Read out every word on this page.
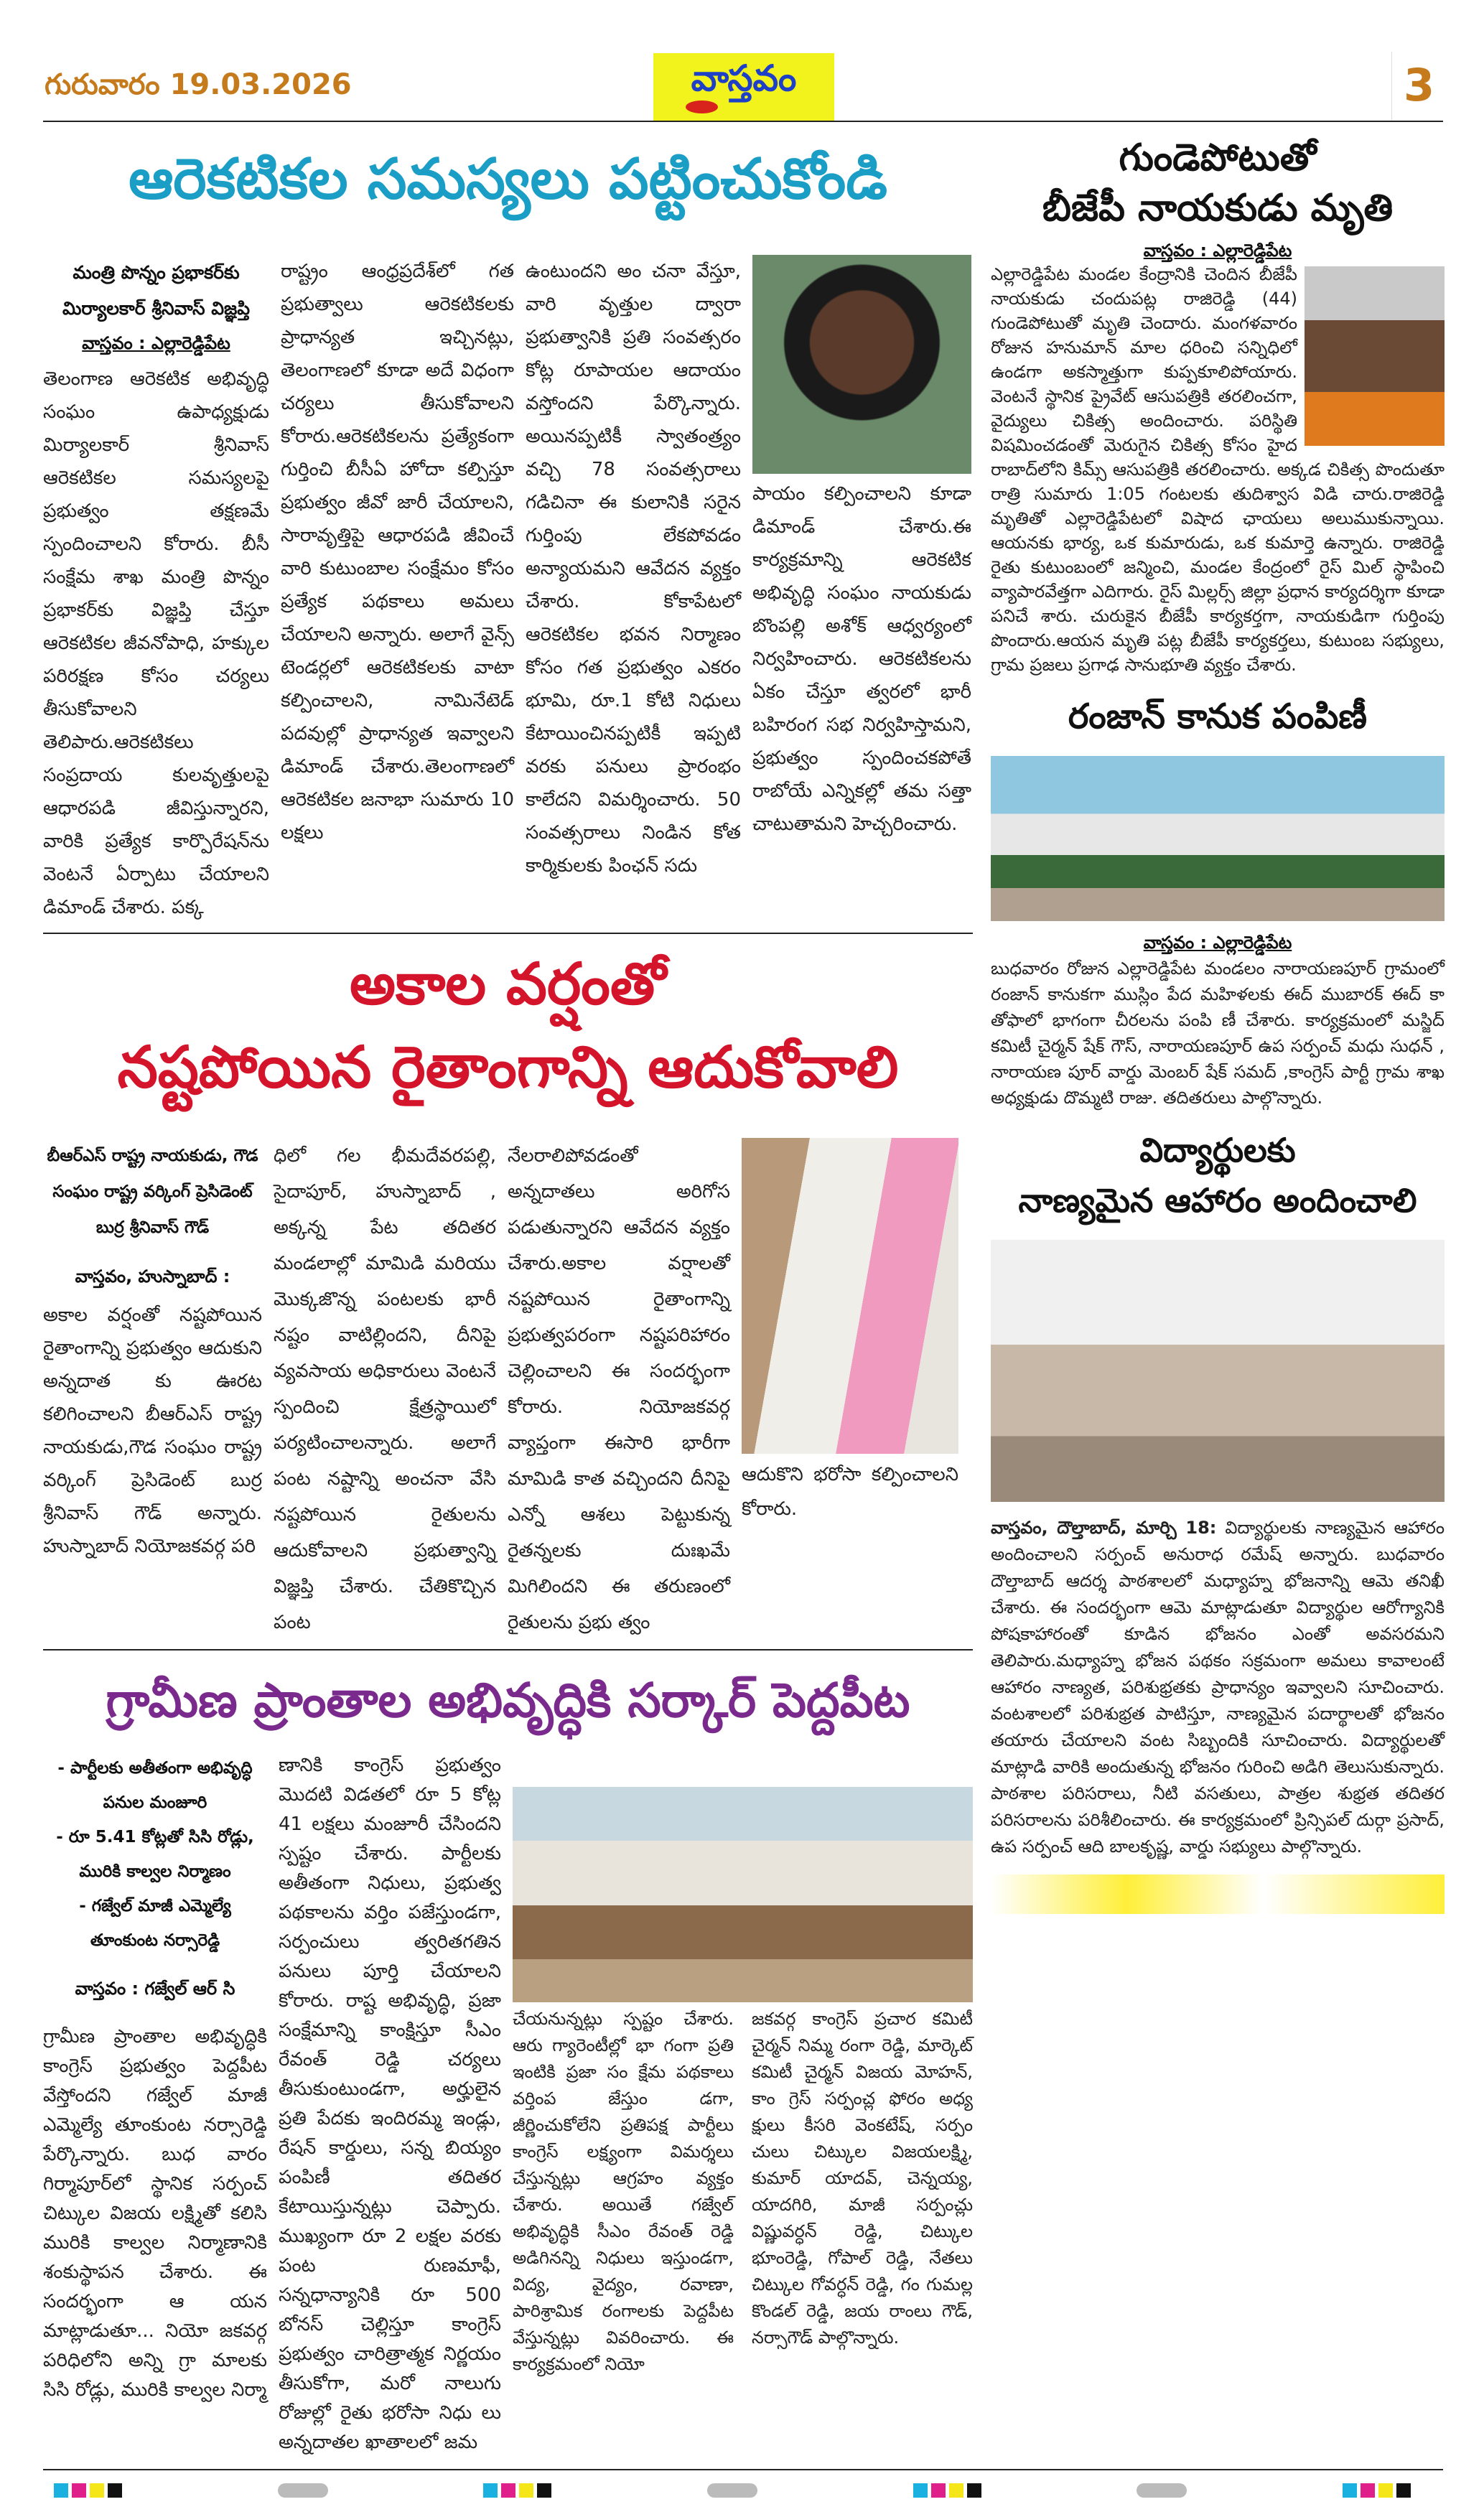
గురువారం 19.03.2026	వాస్తవం	3
ఆరెకటికల సమస్యలు పట్టించుకోండి
మంత్రి పొన్నం ప్రభాకర్‌కు మిర్యాలకార్ శ్రీనివాస్ విజ్ఞప్తి
వాస్తవం : ఎల్లారెడ్డిపేట
తెలంగాణ ఆరెకటిక అభివృద్ధి సంఘం ఉపాధ్యక్షుడు మిర్యాలకార్ శ్రీనివాస్ ఆరెకటికల సమస్యలపై ప్రభుత్వం తక్షణమే స్పందించాలని కోరారు. బీసీ సంక్షేమ శాఖ మంత్రి పొన్నం ప్రభాకర్‌కు విజ్ఞప్తి చేస్తూ ఆరెకటికల జీవనోపాధి, హక్కుల పరిరక్షణ కోసం చర్యలు తీసుకోవాలని తెలిపారు.ఆరెకటికలు సంప్రదాయ కులవృత్తులపై ఆధారపడి జీవిస్తున్నారని, వారికి ప్రత్యేక కార్పొరేషన్‌ను వెంటనే ఏర్పాటు చేయాలని డిమాండ్ చేశారు. పక్క
రాష్ట్రం ఆంధ్రప్రదేశ్‌లో గత ప్రభుత్వాలు ఆరెకటికలకు ప్రాధాన్యత ఇచ్చినట్లు, తెలంగాణలో కూడా అదే విధంగా చర్యలు తీసుకోవాలని కోరారు.ఆరెకటికలను ప్రత్యేకంగా గుర్తించి బీసీఏ హోదా కల్పిస్తూ ప్రభుత్వం జీవో జారీ చేయాలని, సారావృత్తిపై ఆధారపడి జీవించే వారి కుటుంబాల సంక్షేమం కోసం ప్రత్యేక పథకాలు అమలు చేయాలని అన్నారు. అలాగే వైన్స్ టెండర్లలో ఆరెకటికలకు వాటా కల్పించాలని, నామినేటెడ్ పదవుల్లో ప్రాధాన్యత ఇవ్వాలని డిమాండ్ చేశారు.తెలంగాణలో ఆరెకటికల జనాభా సుమారు 10 లక్షలు
ఉంటుందని అం చనా వేస్తూ, వారి వృత్తుల ద్వారా ప్రభుత్వానికి ప్రతి సంవత్సరం కోట్ల రూపాయల ఆదాయం వస్తోందని పేర్కొన్నారు. అయినప్పటికీ స్వాతంత్ర్యం వచ్చి 78 సంవత్సరాలు గడిచినా ఈ కులానికి సరైన గుర్తింపు లేకపోవడం అన్యాయమని ఆవేదన వ్యక్తం చేశారు. కోకాపేటలో ఆరెకటికల భవన నిర్మాణం కోసం గత ప్రభుత్వం ఎకరం భూమి, రూ.1 కోటి నిధులు కేటాయించినప్పటికీ ఇప్పటి వరకు పనులు ప్రారంభం కాలేదని విమర్శించారు. 50 సంవత్సరాలు నిండిన కోత కార్మికులకు పింఛన్ సదు
పాయం కల్పించాలని కూడా డిమాండ్ చేశారు.ఈ కార్యక్రమాన్ని ఆరెకటిక అభివృద్ధి సంఘం నాయకుడు బొంపల్లి అశోక్ ఆధ్వర్యంలో నిర్వహించారు. ఆరెకటికలను ఏకం చేస్తూ త్వరలో భారీ బహిరంగ సభ నిర్వహిస్తామని, ప్రభుత్వం స్పందించకపోతే రాబోయే ఎన్నికల్లో తమ సత్తా చాటుతామని హెచ్చరించారు.
అకాల వర్షంతో
నష్టపోయిన రైతాంగాన్ని ఆదుకోవాలి
బీఆర్ఎస్ రాష్ట్ర నాయకుడు, గౌడ సంఘం రాష్ట్ర వర్కింగ్ ప్రెసిడెంట్ బుర్ర శ్రీనివాస్ గౌడ్
వాస్తవం, హుస్నాబాద్ :
అకాల వర్షంతో నష్టపోయిన రైతాంగాన్ని ప్రభుత్వం ఆదుకుని అన్నదాత కు ఊరట కలిగించాలని బీఆర్ఎస్ రాష్ట్ర నాయకుడు,గౌడ సంఘం రాష్ట్ర వర్కింగ్ ప్రెసిడెంట్ బుర్ర శ్రీనివాస్ గౌడ్ అన్నారు. హుస్నాబాద్ నియోజకవర్గ పరి
ధిలో గల భీమదేవరపల్లి, సైదాపూర్, హుస్నాబాద్ , అక్కన్న పేట తదితర మండలాల్లో మామిడి మరియు మొక్కజొన్న పంటలకు భారీ నష్టం వాటిల్లిందని, దీనిపై వ్యవసాయ అధికారులు వెంటనే స్పందించి క్షేత్రస్థాయిలో పర్యటించాలన్నారు. అలాగే పంట నష్టాన్ని అంచనా వేసి నష్టపోయిన రైతులను ఆదుకోవాలని ప్రభుత్వాన్ని విజ్ఞప్తి చేశారు. చేతికొచ్చిన పంట
నేలరాలిపోవడంతో అన్నదాతలు అరిగోస పడుతున్నారని ఆవేదన వ్యక్తం చేశారు.అకాల వర్షాలతో నష్టపోయిన రైతాంగాన్ని ప్రభుత్వపరంగా నష్టపరిహారం చెల్లించాలని ఈ సందర్భంగా కోరారు. నియోజకవర్గ వ్యాప్తంగా ఈసారి భారీగా మామిడి కాత వచ్చిందని దీనిపై ఎన్నో ఆశలు పెట్టుకున్న రైతన్నలకు దుఃఖమే మిగిలిందని ఈ తరుణంలో రైతులను ప్రభు త్వం
ఆదుకొని భరోసా కల్పించాలని కోరారు.
గ్రామీణ ప్రాంతాల అభివృద్ధికి సర్కార్ పెద్దపీట
- పార్టీలకు అతీతంగా అభివృద్ధి పనుల మంజూరి
- రూ 5.41 కోట్లతో సిసి రోడ్లు, మురికి కాల్వల నిర్మాణం
- గజ్వేల్ మాజీ ఎమ్మెల్యే తూంకుంట నర్సారెడ్డి
వాస్తవం : గజ్వేల్ ఆర్ సి
గ్రామీణ ప్రాంతాల అభివృద్ధికి కాంగ్రెస్ ప్రభుత్వం పెద్దపీట వేస్తోందని గజ్వేల్ మాజీ ఎమ్మెల్యే తూంకుంట నర్సారెడ్డి పేర్కొన్నారు. బుధ వారం గిర్మాపూర్‌లో స్థానిక సర్పంచ్ చిట్కుల విజయ లక్ష్మితో కలిసి మురికి కాల్వల నిర్మాణానికి శంకుస్థాపన చేశారు. ఈ సందర్భంగా ఆ యన మాట్లాడుతూ... నియో జకవర్గ పరిధిలోని అన్ని గ్రా మాలకు సిసి రోడ్లు, మురికి కాల్వల నిర్మా
ణానికి కాంగ్రెస్ ప్రభుత్వం మొదటి విడతలో రూ 5 కోట్ల 41 లక్షలు మంజూరీ చేసిందని స్పష్టం చేశారు. పార్టీలకు అతీతంగా నిధులు, ప్రభుత్వ పథకాలను వర్తిం పజేస్తుండగా, సర్పంచులు త్వరితగతిన పనులు పూర్తి చేయాలని కోరారు. రాష్ట అభివృద్ధి, ప్రజా సంక్షేమాన్ని కాంక్షిస్తూ సీఎం రేవంత్ రెడ్డి చర్యలు తీసుకుంటుండగా, అర్హులైన ప్రతి పేదకు ఇందిరమ్మ ఇండ్లు, రేషన్ కార్డులు, సన్న బియ్యం పంపిణీ తదితర కేటాయిస్తున్నట్లు చెప్పారు. ముఖ్యంగా రూ 2 లక్షల వరకు పంట రుణమాఫీ, సన్నధాన్యానికి రూ 500 బోనస్ చెల్లిస్తూ కాంగ్రెస్ ప్రభుత్వం చారిత్రాత్మక నిర్ణయం తీసుకోగా, మరో నాలుగు రోజుల్లో రైతు భరోసా నిధు లు అన్నదాతల ఖాతాలలో జమ
చేయనున్నట్లు స్పష్టం చేశారు. ఆరు గ్యారెంటీల్లో భా గంగా ప్రతి ఇంటికి ప్రజా సం క్షేమ పథకాలు వర్తింప జేస్తుం డగా, జీర్ణించుకోలేని ప్రతిపక్ష పార్టీలు కాంగ్రెస్ లక్ష్యంగా విమర్శలు చేస్తున్నట్లు ఆగ్రహం వ్యక్తం చేశారు. అయితే గజ్వేల్ అభివృద్ధికి సీఎం రేవంత్ రెడ్డి అడిగినన్ని నిధులు ఇస్తుండగా, విద్య, వైద్యం, రవాణా, పారిశ్రామిక రంగాలకు పెద్దపీట వేస్తున్నట్లు వివరించారు. ఈ కార్యక్రమంలో నియో
జకవర్గ కాంగ్రెస్ ప్రచార కమిటీ చైర్మన్ నిమ్మ రంగా రెడ్డి, మార్కెట్ కమిటీ చైర్మన్ విజయ మోహన్, కాం గ్రెస్ సర్పంచ్ల ఫోరం అధ్య క్షులు కీసరి వెంకటేష్, సర్పం చులు చిట్కుల విజయలక్ష్మి, కుమార్ యాదవ్, చెన్నయ్య, యాదగిరి, మాజీ సర్పంచ్లు విష్ణువర్ధన్ రెడ్డి, చిట్కుల భూంరెడ్డి, గోపాల్ రెడ్డి, నేతలు చిట్కుల గోవర్ధన్ రెడ్డి, గం గుమల్ల కొండల్ రెడ్డి, జయ రాంలు గౌడ్, నర్సాగౌడ్ పాల్గొన్నారు.
గుండెపోటుతో
బీజేపీ నాయకుడు మృతి
వాస్తవం : ఎల్లారెడ్డిపేట
ఎల్లారెడ్డిపేట మండల కేంద్రానికి చెందిన బీజేపీ నాయకుడు చందుపట్ల రాజిరెడ్డి (44) గుండెపోటుతో మృతి చెందారు. మంగళవారం రోజున హనుమాన్ మాల ధరించి సన్నిధిలో ఉండగా అకస్మాత్తుగా కుప్పకూలిపోయారు. వెంటనే స్థానిక ప్రైవేట్ ఆసుపత్రికి తరలించగా, వైద్యులు చికిత్స అందించారు. పరిస్థితి విషమించడంతో మెరుగైన చికిత్స కోసం హైద రాబాద్‌లోని కిమ్స్ ఆసుపత్రికి తరలించారు. అక్కడ చికిత్స పొందుతూ రాత్రి సుమారు 1:05 గంటలకు తుదిశ్వాస విడి చారు.రాజిరెడ్డి మృతితో ఎల్లారెడ్డిపేటలో విషాద ఛాయలు అలుముకున్నాయి. ఆయనకు భార్య, ఒక కుమారుడు, ఒక కుమార్తె ఉన్నారు. రాజిరెడ్డి రైతు కుటుంబంలో జన్మించి, మండల కేంద్రంలో రైస్ మిల్ స్థాపించి వ్యాపారవేత్తగా ఎదిగారు. రైస్ మిల్లర్స్ జిల్లా ప్రధాన కార్యదర్శిగా కూడా పనిచే శారు. చురుకైన బీజేపీ కార్యకర్తగా, నాయకుడిగా గుర్తింపు పొందారు.ఆయన మృతి పట్ల బీజేపీ కార్యకర్తలు, కుటుంబ సభ్యులు, గ్రామ ప్రజలు ప్రగాఢ సానుభూతి వ్యక్తం చేశారు.
రంజాన్ కానుక పంపిణీ
వాస్తవం : ఎల్లారెడ్డిపేట
బుధవారం రోజున ఎల్లారెడ్డిపేట మండలం నారాయణపూర్ గ్రామంలో రంజాన్ కానుకగా ముస్లిం పేద మహిళలకు ఈద్ ముబారక్ ఈద్ కా తోఫాలో భాగంగా చీరలను పంపి ణీ చేశారు. కార్యక్రమంలో మస్జిద్ కమిటీ చైర్మన్ షేక్ గౌస్, నారాయణపూర్ ఉప సర్పంచ్ మధు సుధన్ , నారాయణ పూర్ వార్డు మెంబర్ షేక్ సమద్ ,కాంగ్రెస్ పార్టీ గ్రామ శాఖ అధ్యక్షుడు దొమ్మటి రాజు. తదితరులు పాల్గొన్నారు.
విద్యార్థులకు
నాణ్యమైన ఆహారం అందించాలి
వాస్తవం, దౌల్తాబాద్, మార్చి 18: విద్యార్థులకు నాణ్యమైన ఆహారం అందించాలని సర్పంచ్ అనురాధ రమేష్ అన్నారు. బుధవారం దౌల్తాబాద్ ఆదర్శ పాఠశాలలో మధ్యాహ్న భోజనాన్ని ఆమె తనిఖీ చేశారు. ఈ సందర్భంగా ఆమె మాట్లాడుతూ విద్యార్థుల ఆరోగ్యానికి పోషకాహారంతో కూడిన భోజనం ఎంతో అవసరమని తెలిపారు.మధ్యాహ్న భోజన పథకం సక్రమంగా అమలు కావాలంటే ఆహారం నాణ్యత, పరిశుభ్రతకు ప్రాధాన్యం ఇవ్వాలని సూచించారు. వంటశాలలో పరిశుభ్రత పాటిస్తూ, నాణ్యమైన పదార్థాలతో భోజనం తయారు చేయాలని వంట సిబ్బందికి సూచించారు. విద్యార్థులతో మాట్లాడి వారికి అందుతున్న భోజనం గురించి అడిగి తెలుసుకున్నారు. పాఠశాల పరిసరాలు, నీటి వసతులు, పాత్రల శుభ్రత తదితర పరిసరాలను పరిశీలించారు. ఈ కార్యక్రమంలో ప్రిన్సిపల్ దుర్గా ప్రసాద్, ఉప సర్పంచ్ ఆది బాలకృష్ణ, వార్డు సభ్యులు పాల్గొన్నారు.
